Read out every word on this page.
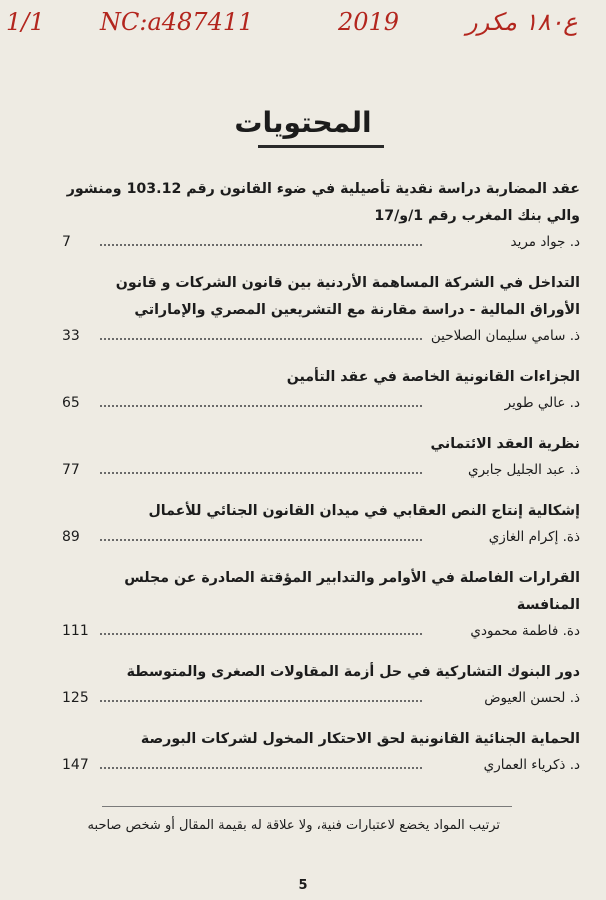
1/1 NC:a487411	2019	ع١٨٠ مكرر
المحتويات
عقد المضاربة دراسة نقدية تأصيلية في ضوء القانون رقم 103.12 ومنشور والي بنك المغرب رقم 1/و/17
7	د. جواد مريد
التداخل في الشركة المساهمة الأردنية بين قانون الشركات و قانون الأوراق المالية - دراسة مقارنة مع التشريعين المصري والإماراتي
33	ذ. سامي سليمان الصلاحين
الجزاءات القانونية الخاصة في عقد التأمين
65	د. عالي طوير
نظرية العقد الائتماني
77	ذ. عبد الجليل جابري
إشكالية إنتاج النص العقابي في ميدان القانون الجنائي للأعمال
89	ذة. إكرام الغازي
القرارات الفاصلة في الأوامر والتدابير المؤقتة الصادرة عن مجلس المنافسة
111	دة. فاطمة محمودي
دور البنوك التشاركية في حل أزمة المقاولات الصغرى والمتوسطة
125	ذ. لحسن العيوض
الحماية الجنائية القانونية لحق الاحتكار المخول لشركات البورصة
147	د. ذكرياء العماري
ترتيب المواد يخضع لاعتبارات فنية، ولا علاقة له بقيمة المقال أو شخص صاحبه
5
